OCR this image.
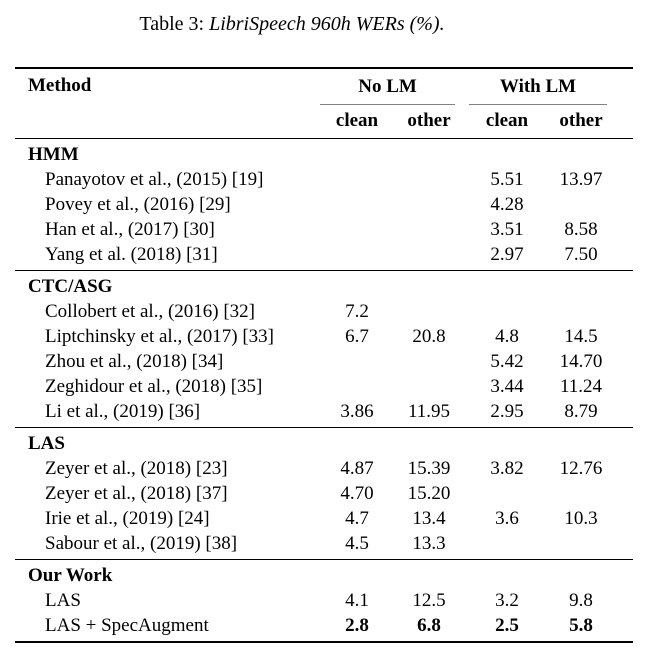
Table 3: LibriSpeech 960h WERs (%).
Method	No LM		With LM		

	clean	other	clean	other	
HMM					
Panayotov et al., (2015) [19]			5.51	13.97	
Povey et al., (2016) [29]			4.28		
Han et al., (2017) [30]			3.51	8.58	
Yang et al. (2018) [31]			2.97	7.50	
CTC/ASG					
Collobert et al., (2016) [32]	7.2				
Liptchinsky et al., (2017) [33]	6.7	20.8	4.8	14.5	
Zhou et al., (2018) [34]			5.42	14.70	
Zeghidour et al., (2018) [35]			3.44	11.24	
Li et al., (2019) [36]	3.86	11.95	2.95	8.79	
LAS					
Zeyer et al., (2018) [23]	4.87	15.39	3.82	12.76	
Zeyer et al., (2018) [37]	4.70	15.20			
Irie et al., (2019) [24]	4.7	13.4	3.6	10.3	
Sabour et al., (2019) [38]	4.5	13.3			
Our Work					
LAS	4.1	12.5	3.2	9.8	
LAS + SpecAugment	2.8	6.8	2.5	5.8	
